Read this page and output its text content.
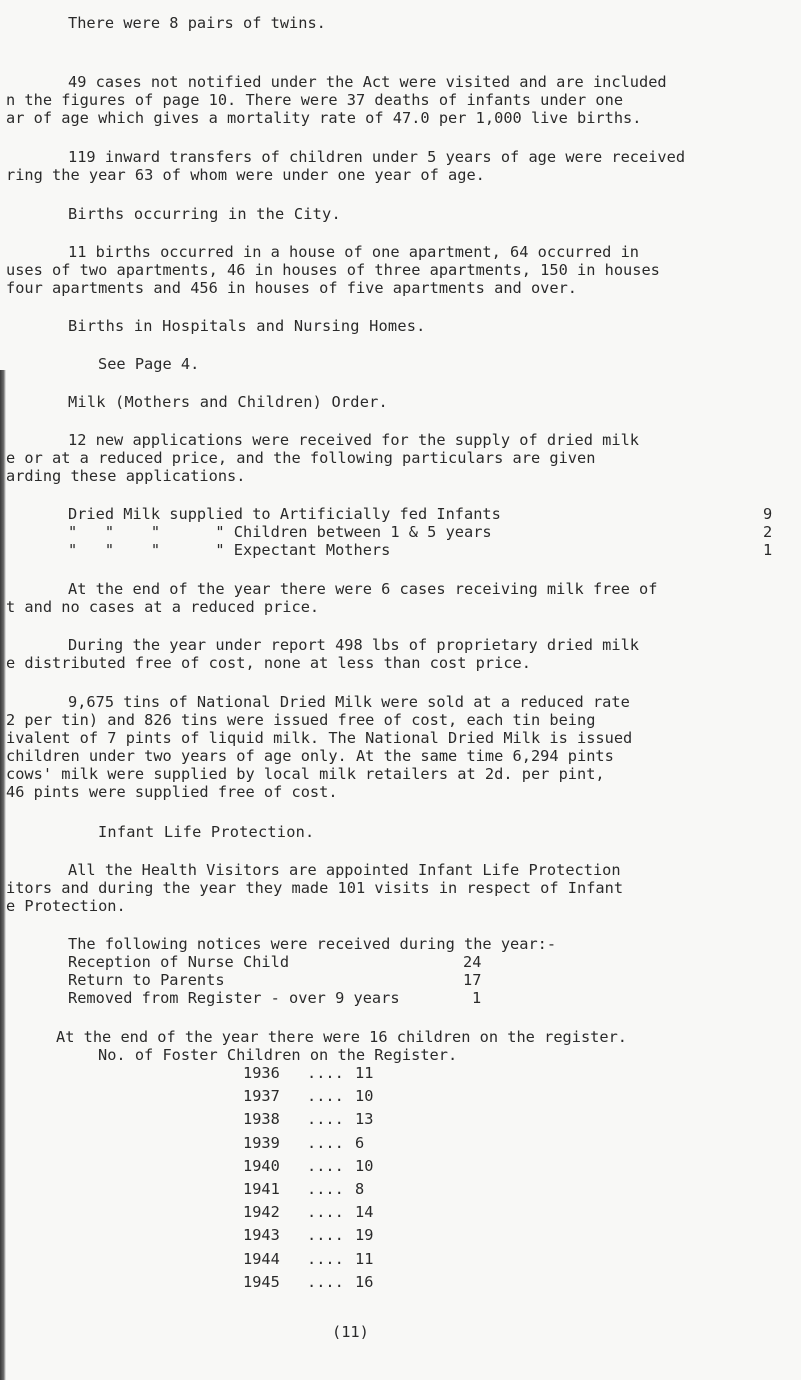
There were 8 pairs of twins.
49 cases not notified under the Act were visited and are included
n the figures of page 10. There were 37 deaths of infants under one
ar of age which gives a mortality rate of 47.0 per 1,000 live births.
119 inward transfers of children under 5 years of age were received
ring the year 63 of whom were under one year of age.
Births occurring in the City.
11 births occurred in a house of one apartment, 64 occurred in
uses of two apartments, 46 in houses of three apartments, 150 in houses
four apartments and 456 in houses of five apartments and over.
Births in Hospitals and Nursing Homes.
See Page 4.
Milk (Mothers and Children) Order.
12 new applications were received for the supply of dried milk
e or at a reduced price, and the following particulars are given
arding these applications.
Dried Milk supplied to Artificially fed Infants	9
"   "    "      " Children between 1 & 5 years	2
"   "    "      " Expectant Mothers	1
At the end of the year there were 6 cases receiving milk free of
t and no cases at a reduced price.
During the year under report 498 lbs of proprietary dried milk
e distributed free of cost, none at less than cost price.
9,675 tins of National Dried Milk were sold at a reduced rate
2 per tin) and 826 tins were issued free of cost, each tin being
ivalent of 7 pints of liquid milk. The National Dried Milk is issued
children under two years of age only. At the same time 6,294 pints
cows' milk were supplied by local milk retailers at 2d. per pint,
46 pints were supplied free of cost.
Infant Life Protection.
All the Health Visitors are appointed Infant Life Protection
itors and during the year they made 101 visits in respect of Infant
e Protection.
The following notices were received during the year:-
Reception of Nurse Child	24
Return to Parents	17
Removed from Register - over 9 years	1
At the end of the year there were 16 children on the register.
No. of Foster Children on the Register.
1936 .... 11
1937 .... 10
1938 .... 13
1939 .... 6
1940 .... 10
1941 .... 8
1942 .... 14
1943 .... 19
1944 .... 11
1945 .... 16
(11)
